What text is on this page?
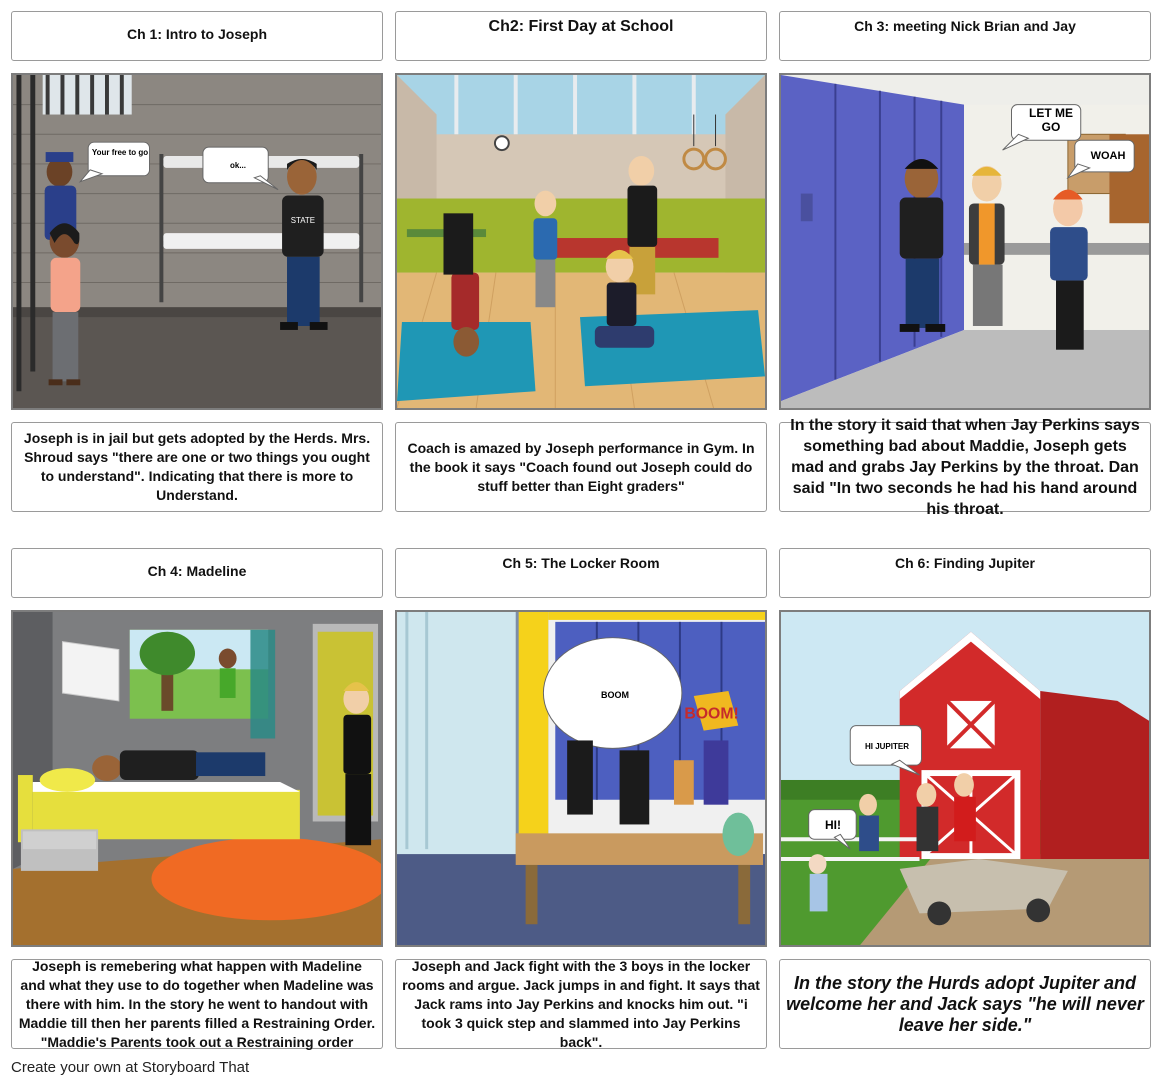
Ch 1: Intro to Joseph	Ch2: First Day at School	Ch 3: meeting Nick Brian and Jay
STATE
Your free to go
ok...
LET ME GO
WOAH
Joseph is in jail but gets adopted by the Herds. Mrs. Shroud says "there are one or two things you ought to understand". Indicating that there is more to Understand.
Coach is amazed by Joseph performance in Gym. In the book it says "Coach found out Joseph could do stuff better than Eight graders"
In the story it said that when Jay Perkins says something bad about Maddie, Joseph gets mad and grabs Jay Perkins by the throat. Dan said "In two seconds he had his hand around his throat.
Ch 4: Madeline	Ch 5: The Locker Room	Ch 6: Finding Jupiter
BOOM!
BOOM
HI JUPITER
HI!
Joseph is remebering what happen with Madeline and what they use to do together when Madeline was there with him. In the story he went to handout with Maddie till then her parents filled a Restraining Order. "Maddie's Parents took out a Restraining order
Joseph and Jack fight with the 3 boys in the locker rooms and argue. Jack jumps in and fight. It says that Jack rams into Jay Perkins and knocks him out. "i took 3 quick step and slammed into Jay Perkins back".
In the story the Hurds adopt Jupiter and welcome her and Jack says "he will never leave her side."
Create your own at Storyboard That
